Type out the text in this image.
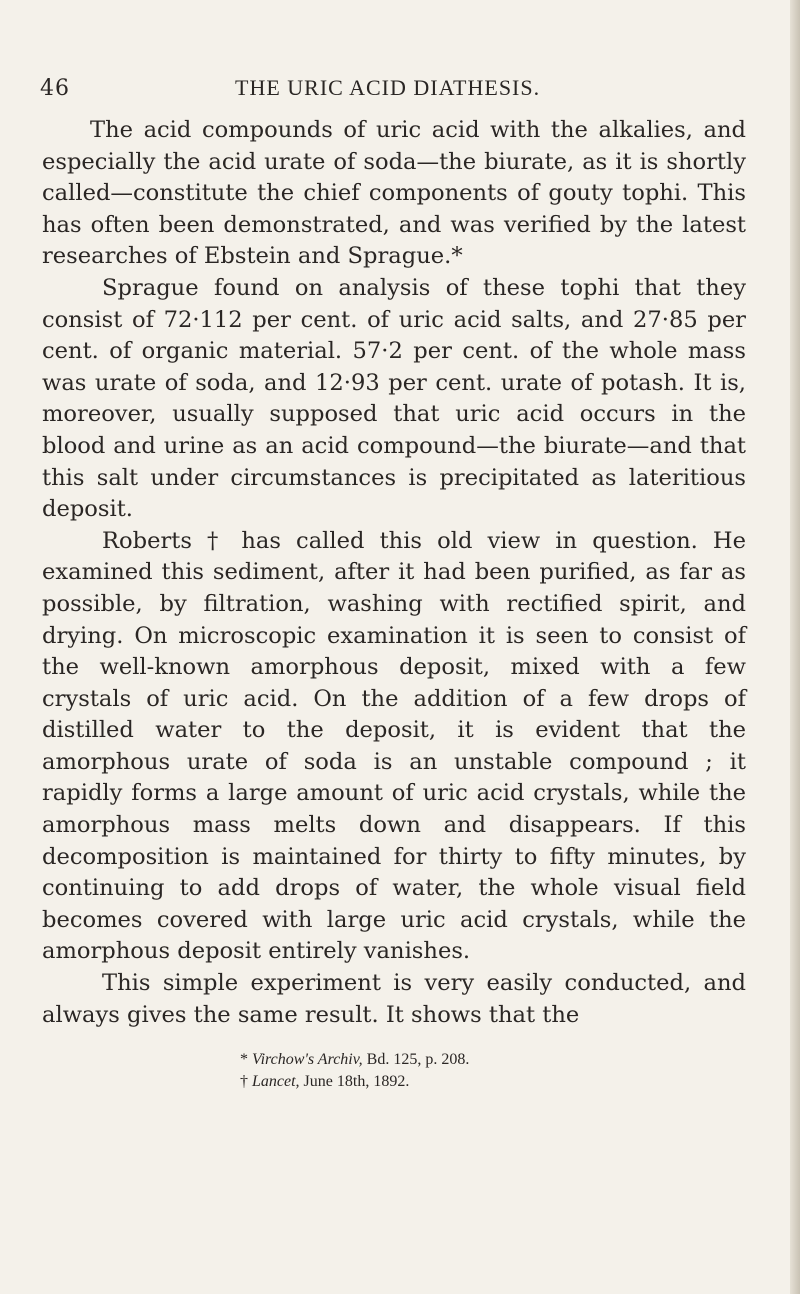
46	THE URIC ACID DIATHESIS.

The acid compounds of uric acid with the alkalies, and especially the acid urate of soda—the biurate, as it is shortly called—constitute the chief components of gouty tophi. This has often been demonstrated, and was verified by the latest researches of Ebstein and Sprague.*

Sprague found on analysis of these tophi that they consist of 72·112 per cent. of uric acid salts, and 27·85 per cent. of organic material. 57·2 per cent. of the whole mass was urate of soda, and 12·93 per cent. urate of potash. It is, moreover, usually supposed that uric acid occurs in the blood and urine as an acid compound—the biurate—and that this salt under circumstances is precipitated as lateritious deposit.

Roberts † has called this old view in question. He examined this sediment, after it had been purified, as far as possible, by filtration, washing with rectified spirit, and drying. On microscopic examination it is seen to consist of the well-known amorphous deposit, mixed with a few crystals of uric acid. On the addition of a few drops of distilled water to the deposit, it is evident that the amorphous urate of soda is an unstable compound ; it rapidly forms a large amount of uric acid crystals, while the amorphous mass melts down and disappears. If this decomposition is maintained for thirty to fifty minutes, by continuing to add drops of water, the whole visual field becomes covered with large uric acid crystals, while the amorphous deposit entirely vanishes.

This simple experiment is very easily conducted, and always gives the same result. It shows that the

* Virchow's Archiv, Bd. 125, p. 208.
† Lancet, June 18th, 1892.
